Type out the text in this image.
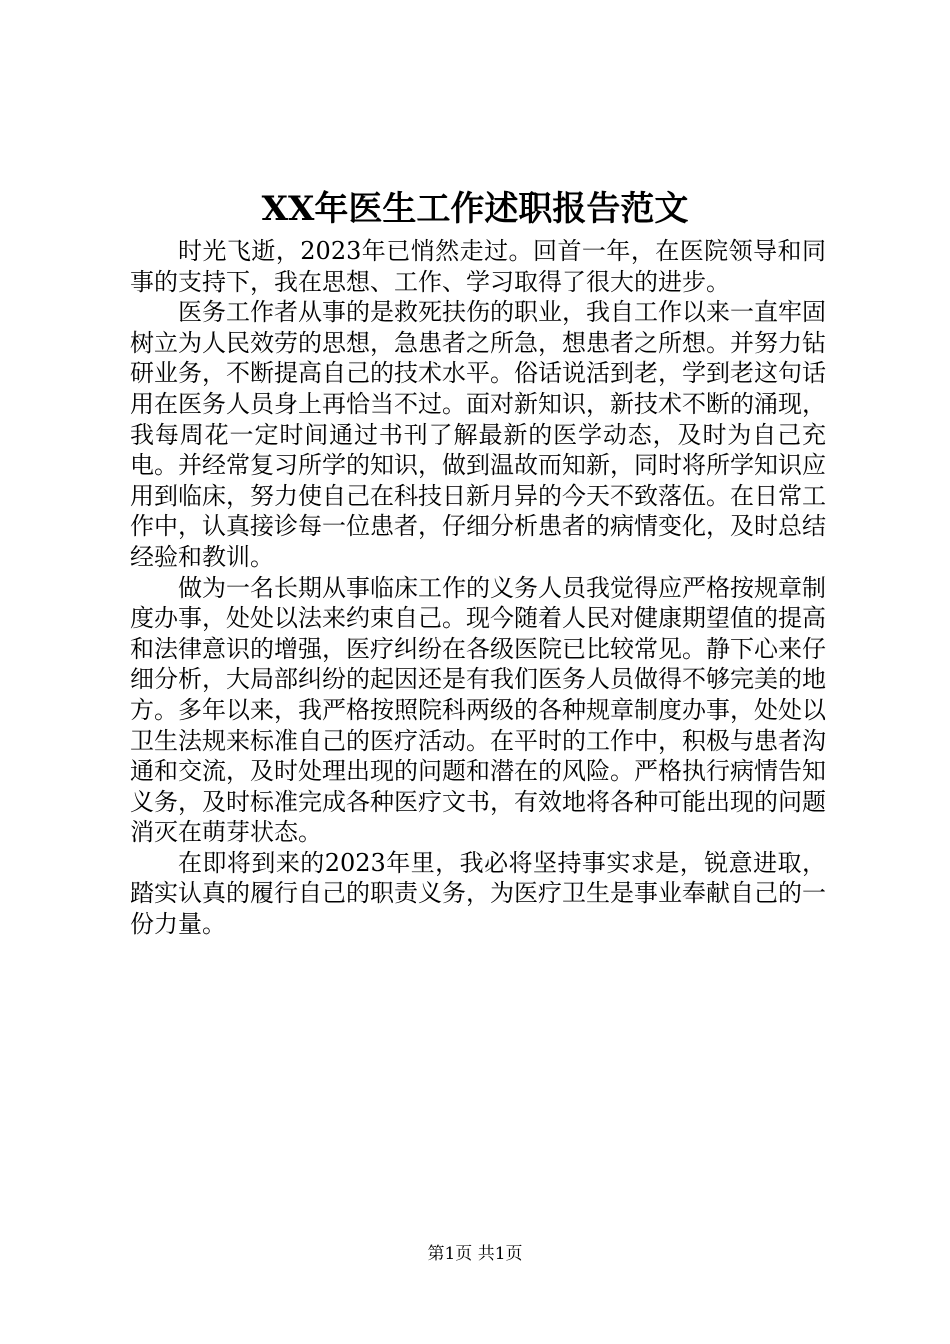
XX年医生工作述职报告范文

时光飞逝，2023年已悄然走过。回首一年，在医院领导和同事的支持下，我在思想、工作、学习取得了很大的进步。

医务工作者从事的是救死扶伤的职业，我自工作以来一直牢固树立为人民效劳的思想，急患者之所急，想患者之所想。并努力钻研业务，不断提高自己的技术水平。俗话说活到老，学到老这句话用在医务人员身上再恰当不过。面对新知识，新技术不断的涌现，我每周花一定时间通过书刊了解最新的医学动态，及时为自己充电。并经常复习所学的知识，做到温故而知新，同时将所学知识应用到临床，努力使自己在科技日新月异的今天不致落伍。在日常工作中，认真接诊每一位患者，仔细分析患者的病情变化，及时总结经验和教训。

做为一名长期从事临床工作的义务人员我觉得应严格按规章制度办事，处处以法来约束自己。现今随着人民对健康期望值的提高和法律意识的增强，医疗纠纷在各级医院已比较常见。静下心来仔细分析，大局部纠纷的起因还是有我们医务人员做得不够完美的地方。多年以来，我严格按照院科两级的各种规章制度办事，处处以卫生法规来标准自己的医疗活动。在平时的工作中，积极与患者沟通和交流，及时处理出现的问题和潜在的风险。严格执行病情告知义务，及时标准完成各种医疗文书，有效地将各种可能出现的问题消灭在萌芽状态。

在即将到来的2023年里，我必将坚持事实求是，锐意进取，踏实认真的履行自己的职责义务，为医疗卫生是事业奉献自己的一份力量。

第1页 共1页
